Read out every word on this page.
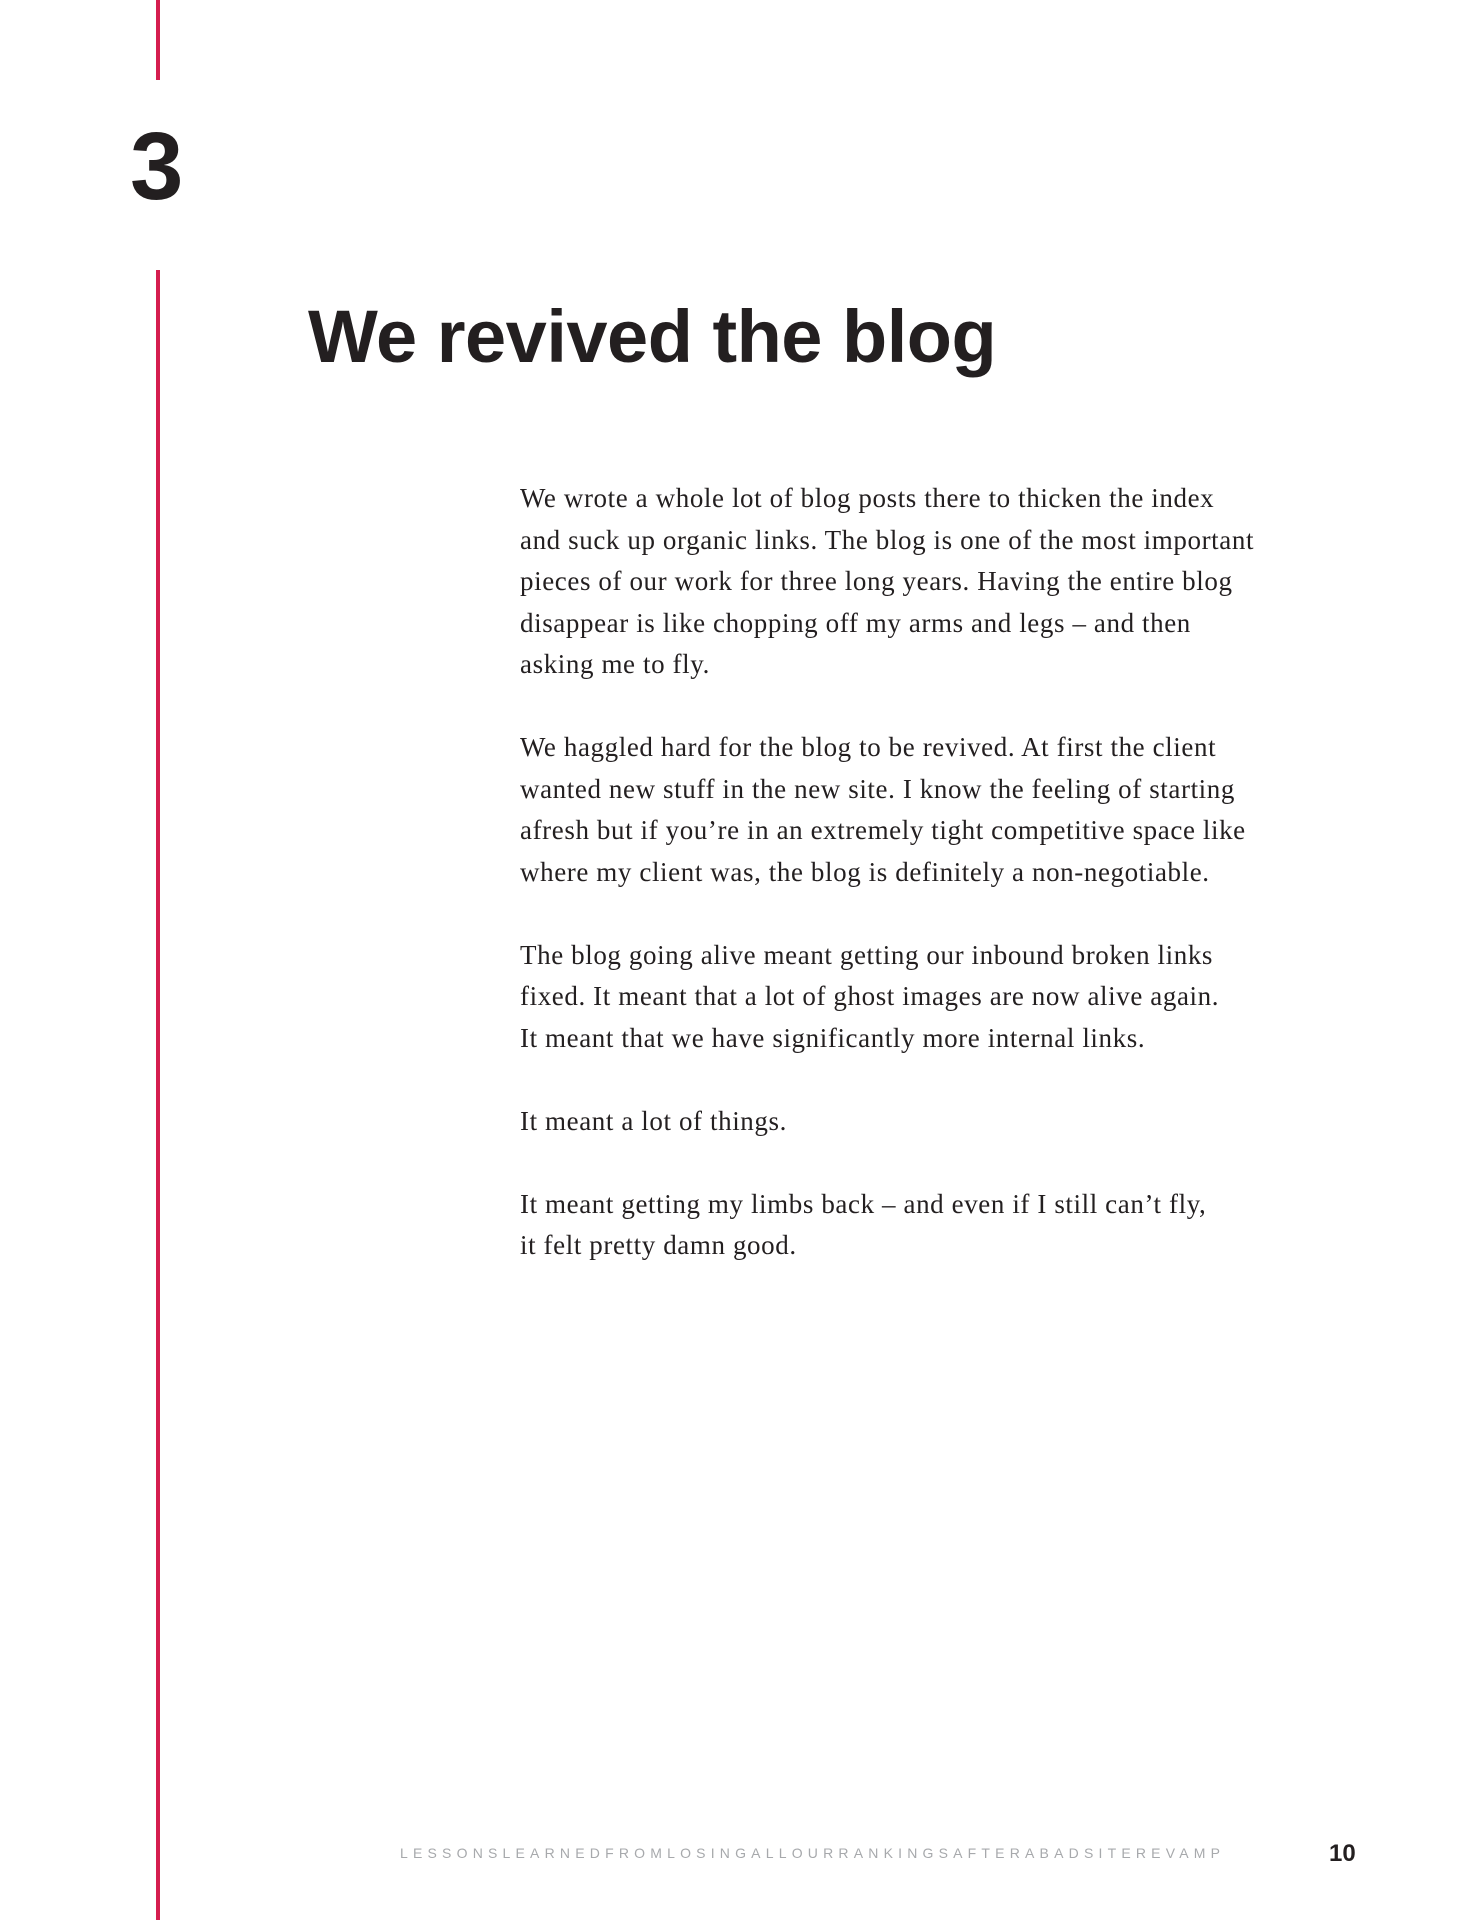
3
We revived the blog

We wrote a whole lot of blog posts there to thicken the index
and suck up organic links. The blog is one of the most important
pieces of our work for three long years. Having the entire blog
disappear is like chopping off my arms and legs – and then
asking me to fly.

We haggled hard for the blog to be revived. At first the client
wanted new stuff in the new site. I know the feeling of starting
afresh but if you’re in an extremely tight competitive space like
where my client was, the blog is definitely a non-negotiable.

The blog going alive meant getting our inbound broken links
fixed. It meant that a lot of ghost images are now alive again.
It meant that we have significantly more internal links.

It meant a lot of things.

It meant getting my limbs back – and even if I still can’t fly,
it felt pretty damn good.

LESSONSLEARNEDFROMLOSINGALLOURRANKINGSAFTERABADSITEREVAMP	10
